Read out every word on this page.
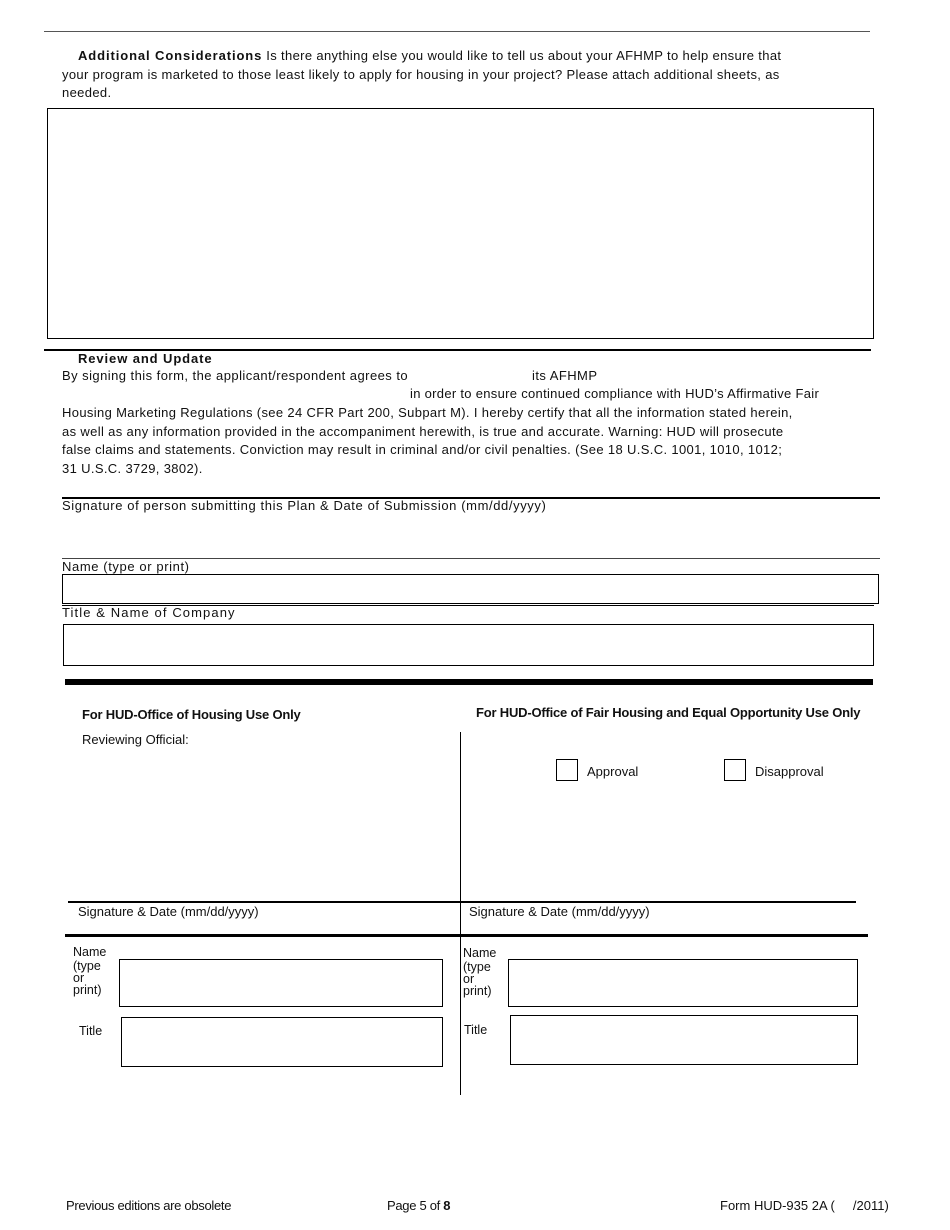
Additional Considerations Is there anything else you would like to tell us about your AFHMP to help ensure that
your program is marketed to those least likely to apply for housing in your project? Please attach additional sheets, as
needed.
Review and Update
By signing this form, the applicant/respondent agrees to	its AFHMP
in order to ensure continued compliance with HUD’s Affirmative Fair
Housing Marketing Regulations (see 24 CFR Part 200, Subpart M). I hereby certify that all the information stated herein,
as well as any information provided in the accompaniment herewith, is true and accurate. Warning: HUD will prosecute
false claims and statements. Conviction may result in criminal and/or civil penalties. (See 18 U.S.C. 1001, 1010, 1012;
31 U.S.C. 3729, 3802).
Signature of person submitting this Plan & Date of Submission (mm/dd/yyyy)
Name (type or print)
Title & Name of Company
For HUD-Office of Housing Use Only
Reviewing Official:
For HUD-Office of Fair Housing and Equal Opportunity Use Only
Approval	Disapproval
Signature & Date (mm/dd/yyyy)	Signature & Date (mm/dd/yyyy)
Name
(type
or
print)
Title
Name
(type
or
print)
Title
Previous editions are obsolete	Page 5 of 8	Form HUD-935 2A (     /2011)
